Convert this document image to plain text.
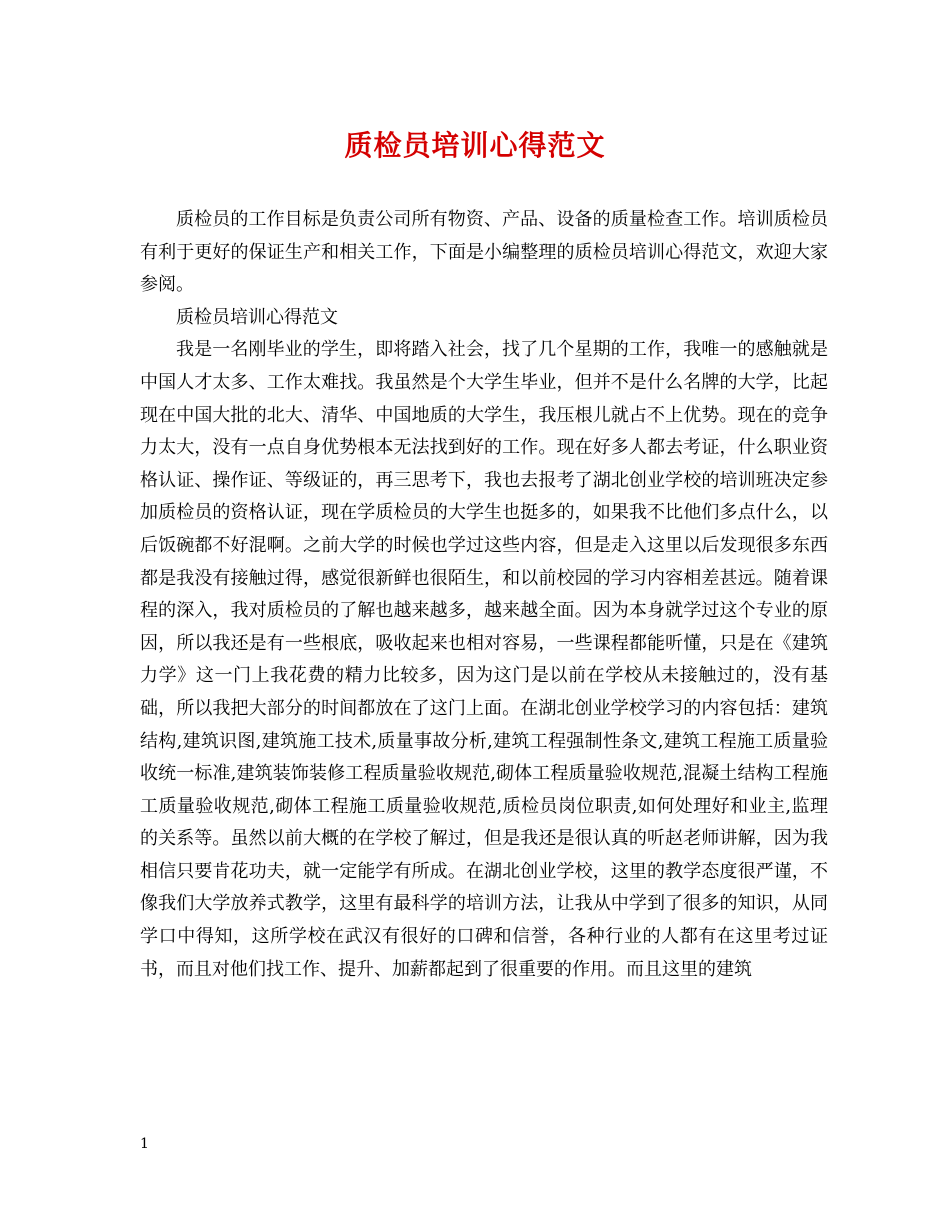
质检员培训心得范文

质检员的工作目标是负责公司所有物资、产品、设备的质量检查工作。培训质检员有利于更好的保证生产和相关工作，下面是小编整理的质检员培训心得范文，欢迎大家参阅。

质检员培训心得范文

我是一名刚毕业的学生，即将踏入社会，找了几个星期的工作，我唯一的感触就是中国人才太多、工作太难找。我虽然是个大学生毕业，但并不是什么名牌的大学，比起现在中国大批的北大、清华、中国地质的大学生，我压根儿就占不上优势。现在的竞争力太大，没有一点自身优势根本无法找到好的工作。现在好多人都去考证，什么职业资格认证、操作证、等级证的，再三思考下，我也去报考了湖北创业学校的培训班决定参加质检员的资格认证，现在学质检员的大学生也挺多的，如果我不比他们多点什么，以后饭碗都不好混啊。之前大学的时候也学过这些内容，但是走入这里以后发现很多东西都是我没有接触过得，感觉很新鲜也很陌生，和以前校园的学习内容相差甚远。随着课程的深入，我对质检员的了解也越来越多，越来越全面。因为本身就学过这个专业的原因，所以我还是有一些根底，吸收起来也相对容易，一些课程都能听懂，只是在《建筑力学》这一门上我花费的精力比较多，因为这门是以前在学校从未接触过的，没有基础，所以我把大部分的时间都放在了这门上面。在湖北创业学校学习的内容包括：建筑结构,建筑识图,建筑施工技术,质量事故分析,建筑工程强制性条文,建筑工程施工质量验收统一标准,建筑装饰装修工程质量验收规范,砌体工程质量验收规范,混凝土结构工程施工质量验收规范,砌体工程施工质量验收规范,质检员岗位职责,如何处理好和业主,监理的关系等。虽然以前大概的在学校了解过，但是我还是很认真的听赵老师讲解，因为我相信只要肯花功夫，就一定能学有所成。在湖北创业学校，这里的教学态度很严谨，不像我们大学放养式教学，这里有最科学的培训方法，让我从中学到了很多的知识，从同学口中得知，这所学校在武汉有很好的口碑和信誉，各种行业的人都有在这里考过证书，而且对他们找工作、提升、加薪都起到了很重要的作用。而且这里的建筑

1
